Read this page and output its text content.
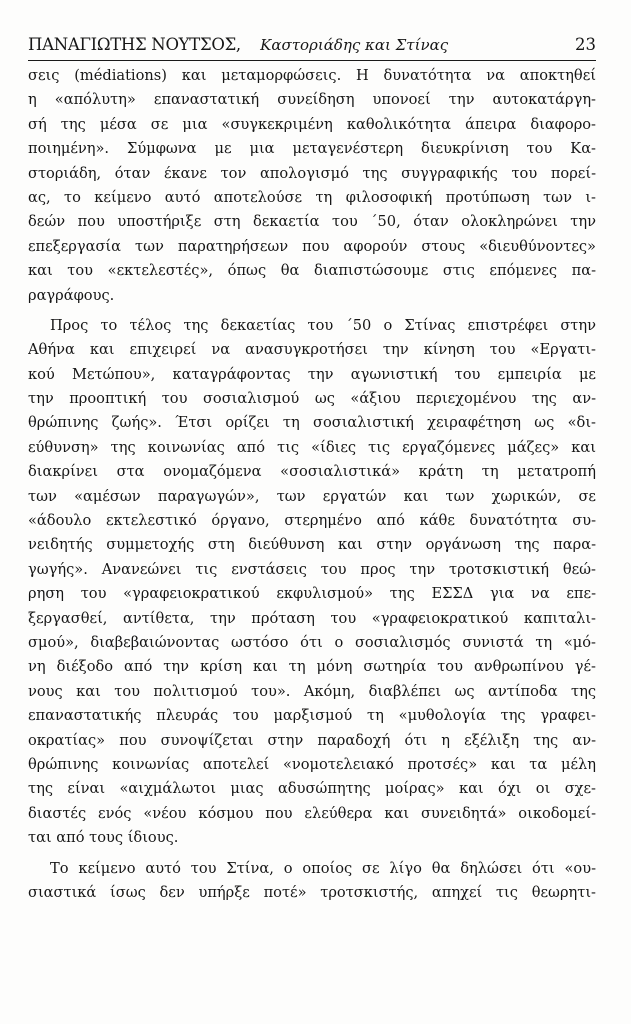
ΠΑΝΑΓΙΩΤΗΣ ΝΟΥΤΣΟΣ, Καστοριάδης και Στίνας	23
σεις (médiations) και μεταμορφώσεις. Η δυνατότητα να αποκτηθεί
η «απόλυτη» επαναστατική συνείδηση υπονοεί την αυτοκατάργη-
σή της μέσα σε μια «συγκεκριμένη καθολικότητα άπειρα διαφορο-
ποιημένη». Σύμφωνα με μια μεταγενέστερη διευκρίνιση του Κα-
στοριάδη, όταν έκανε τον απολογισμό της συγγραφικής του πορεί-
ας, το κείμενο αυτό αποτελούσε τη φιλοσοφική προτύπωση των ι-
δεών που υποστήριξε στη δεκαετία του ΄50, όταν ολοκληρώνει την
επεξεργασία των παρατηρήσεων που αφορούν στους «διευθύνοντες»
και του «εκτελεστές», όπως θα διαπιστώσουμε στις επόμενες πα-
ραγράφους.
Προς το τέλος της δεκαετίας του ΄50 ο Στίνας επιστρέφει στην
Αθήνα και επιχειρεί να ανασυγκροτήσει την κίνηση του «Εργατι-
κού Μετώπου», καταγράφοντας την αγωνιστική του εμπειρία με
την προοπτική του σοσιαλισμού ως «άξιου περιεχομένου της αν-
θρώπινης ζωής». Έτσι ορίζει τη σοσιαλιστική χειραφέτηση ως «δι-
εύθυνση» της κοινωνίας από τις «ίδιες τις εργαζόμενες μάζες» και
διακρίνει στα ονομαζόμενα «σοσιαλιστικά» κράτη τη μετατροπή
των «αμέσων παραγωγών», των εργατών και των χωρικών, σε
«άδουλο εκτελεστικό όργανο, στερημένο από κάθε δυνατότητα συ-
νειδητής συμμετοχής στη διεύθυνση και στην οργάνωση της παρα-
γωγής». Ανανεώνει τις ενστάσεις του προς την τροτσκιστική θεώ-
ρηση του «γραφειοκρατικού εκφυλισμού» της ΕΣΣΔ για να επε-
ξεργασθεί, αντίθετα, την πρόταση του «γραφειοκρατικού καπιταλι-
σμού», διαβεβαιώνοντας ωστόσο ότι ο σοσιαλισμός συνιστά τη «μό-
νη διέξοδο από την κρίση και τη μόνη σωτηρία του ανθρωπίνου γέ-
νους και του πολιτισμού του». Ακόμη, διαβλέπει ως αντίποδα της
επαναστατικής πλευράς του μαρξισμού τη «μυθολογία της γραφει-
οκρατίας» που συνοψίζεται στην παραδοχή ότι η εξέλιξη της αν-
θρώπινης κοινωνίας αποτελεί «νομοτελειακό προτσές» και τα μέλη
της είναι «αιχμάλωτοι μιας αδυσώπητης μοίρας» και όχι οι σχε-
διαστές ενός «νέου κόσμου που ελεύθερα και συνειδητά» οικοδομεί-
ται από τους ίδιους.
Το κείμενο αυτό του Στίνα, ο οποίος σε λίγο θα δηλώσει ότι «ου-
σιαστικά ίσως δεν υπήρξε ποτέ» τροτσκιστής, απηχεί τις θεωρητι-
